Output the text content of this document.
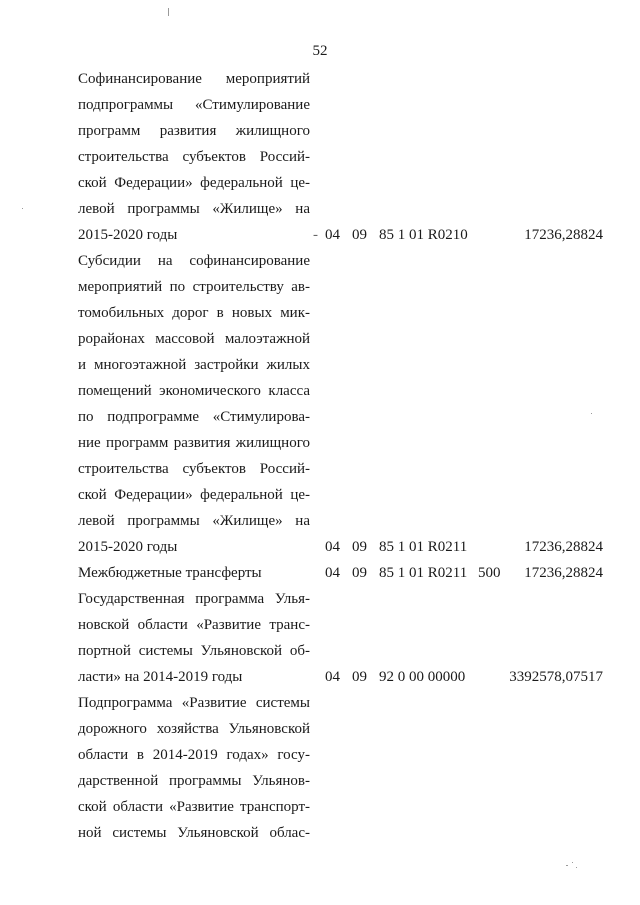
52
Софинансирование мероприятий
подпрограммы «Стимулирование
программ развития жилищного
строительства субъектов Россий-
ской Федерации» федеральной це-
левой программы «Жилище» на
2015-2020 годы	- 04 09 85 1 01 R0210	17236,28824
Субсидии на софинансирование
мероприятий по строительству ав-
томобильных дорог в новых мик-
рорайонах массовой малоэтажной
и многоэтажной застройки жилых
помещений экономического класса
по подпрограмме «Стимулирова-
ние программ развития жилищного
строительства субъектов Россий-
ской Федерации» федеральной це-
левой программы «Жилище» на
2015-2020 годы	04 09 85 1 01 R0211	17236,28824
Межбюджетные трансферты	04 09 85 1 01 R0211 500	17236,28824
Государственная программа Улья-
новской области «Развитие транс-
портной системы Ульяновской об-
ласти» на 2014-2019 годы	04 09 92 0 00 00000	3392578,07517
Подпрограмма «Развитие системы
дорожного хозяйства Ульяновской
области в 2014-2019 годах» госу-
дарственной программы Ульянов-
ской области «Развитие транспорт-
ной системы Ульяновской облас-
